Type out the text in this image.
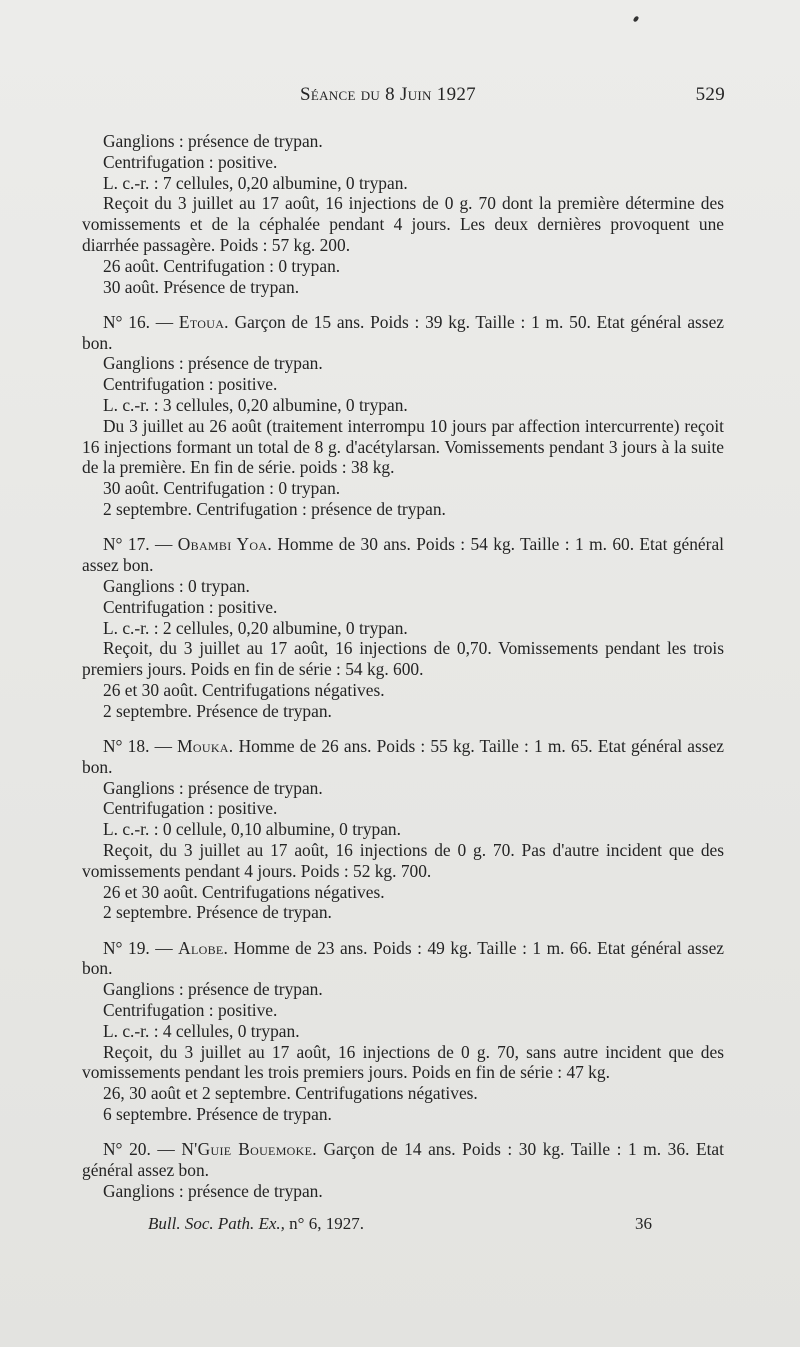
Séance du 8 Juin 1927	529

Ganglions : présence de trypan.

Centrifugation : positive.

L. c.-r. : 7 cellules, 0,20 albumine, 0 trypan.

Reçoit du 3 juillet au 17 août, 16 injections de 0 g. 70 dont la première détermine des vomissements et de la céphalée pendant 4 jours. Les deux dernières provoquent une diarrhée passagère. Poids : 57 kg. 200.

26 août. Centrifugation : 0 trypan.

30 août. Présence de trypan.

N° 16. — Etoua. Garçon de 15 ans. Poids : 39 kg. Taille : 1 m. 50. Etat général assez bon.

Ganglions : présence de trypan.

Centrifugation : positive.

L. c.-r. : 3 cellules, 0,20 albumine, 0 trypan.

Du 3 juillet au 26 août (traitement interrompu 10 jours par affection intercurrente) reçoit 16 injections formant un total de 8 g. d'acétylarsan. Vomissements pendant 3 jours à la suite de la première. En fin de série. poids : 38 kg.

30 août. Centrifugation : 0 trypan.

2 septembre. Centrifugation : présence de trypan.

N° 17. — Obambi Yoa. Homme de 30 ans. Poids : 54 kg. Taille : 1 m. 60. Etat général assez bon.

Ganglions : 0 trypan.

Centrifugation : positive.

L. c.-r. : 2 cellules, 0,20 albumine, 0 trypan.

Reçoit, du 3 juillet au 17 août, 16 injections de 0,70. Vomissements pendant les trois premiers jours. Poids en fin de série : 54 kg. 600.

26 et 30 août. Centrifugations négatives.

2 septembre. Présence de trypan.

N° 18. — Mouka. Homme de 26 ans. Poids : 55 kg. Taille : 1 m. 65. Etat général assez bon.

Ganglions : présence de trypan.

Centrifugation : positive.

L. c.-r. : 0 cellule, 0,10 albumine, 0 trypan.

Reçoit, du 3 juillet au 17 août, 16 injections de 0 g. 70. Pas d'autre incident que des vomissements pendant 4 jours. Poids : 52 kg. 700.

26 et 30 août. Centrifugations négatives.

2 septembre. Présence de trypan.

N° 19. — Alobe. Homme de 23 ans. Poids : 49 kg. Taille : 1 m. 66. Etat général assez bon.

Ganglions : présence de trypan.

Centrifugation : positive.

L. c.-r. : 4 cellules, 0 trypan.

Reçoit, du 3 juillet au 17 août, 16 injections de 0 g. 70, sans autre incident que des vomissements pendant les trois premiers jours. Poids en fin de série : 47 kg.

26, 30 août et 2 septembre. Centrifugations négatives.

6 septembre. Présence de trypan.

N° 20. — N'Guie Bouemoke. Garçon de 14 ans. Poids : 30 kg. Taille : 1 m. 36. Etat général assez bon.

Ganglions : présence de trypan.

Bull. Soc. Path. Ex., n° 6, 1927.	36
